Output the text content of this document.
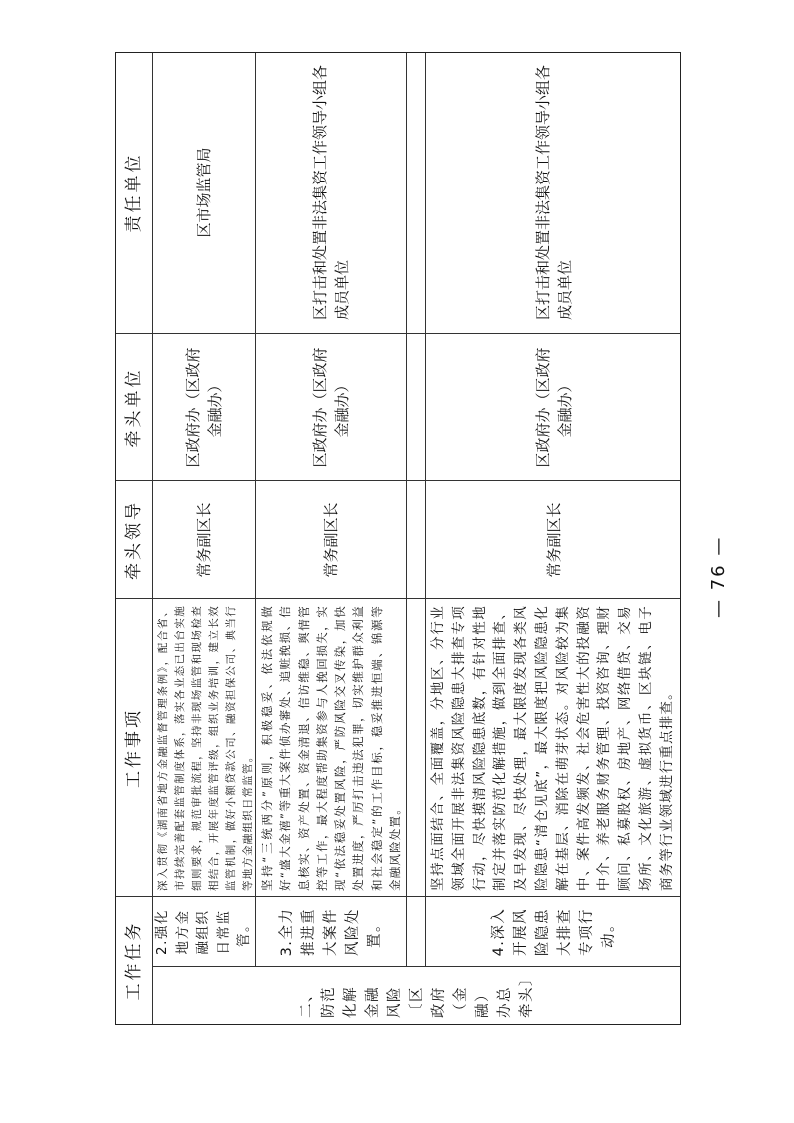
工作任务
工作事项
牵头领导
牵头单位
责任单位
二、防范化解金融风险〔区政府（金融）办总牵头〕
2.强化地方金融组织日常监管。
深入贯彻《湖南省地方金融监督管理条例》，配合省、市持续完善配套监管制度体系，落实各业态已出台实施细则要求，规范审批流程，坚持非现场监管和现场检查相结合，开展年度监管评级，组织业务培训，建立长效监管机制，做好小额贷款公司、融资担保公司、典当行等地方金融组织日常监管。
常务副区长
区政府办（区政府金融办）
区市场监管局
3.全力推进重大案件风险处置。
坚持“三统两分”原则，积极稳妥、依法依规做好“盛大金禧”等重大案件侦办審处、追赃挽损、信息核实、资产处置、资金清退、信访维稳、舆情管控等工作，最大程度帮助集资参与人挽回损失，实现“依法稳妥处置风险，严防风险交叉传染，加快处置进度，严厉打击违法犯罪，切实维护群众利益和社会稳定”的工作目标，稳妥推进恒端、锦源等金融风险处置。
常务副区长
区政府办（区政府金融办）
区打击和处置非法集资工作领导小组各成员单位
4.深入开展风险隐患大排查专项行动。
坚持点面结合、全面覆盖，分地区、分行业领域全面开展非法集资风险隐患大排查专项行动，尽快摸清风险隐患底数，有针对性地制定并落实防范化解措施，做到全面排查、及早发现、尽快处理，最大限度发现各类风险隐患“清仓见底”，最大限度把风险隐患化解在基层、消除在萌芽状态。对风险较为集中、案件高发频发、社会危害性大的投融资中介、养老服务财务管理、投资咨询、理财顾问、私募股权、房地产、网络借贷、交易场所、文化旅游、虚拟货币、区块链、电子商务等行业领域进行重点排查。
常务副区长
区政府办（区政府金融办）
区打击和处置非法集资工作领导小组各成员单位
— 76 —
